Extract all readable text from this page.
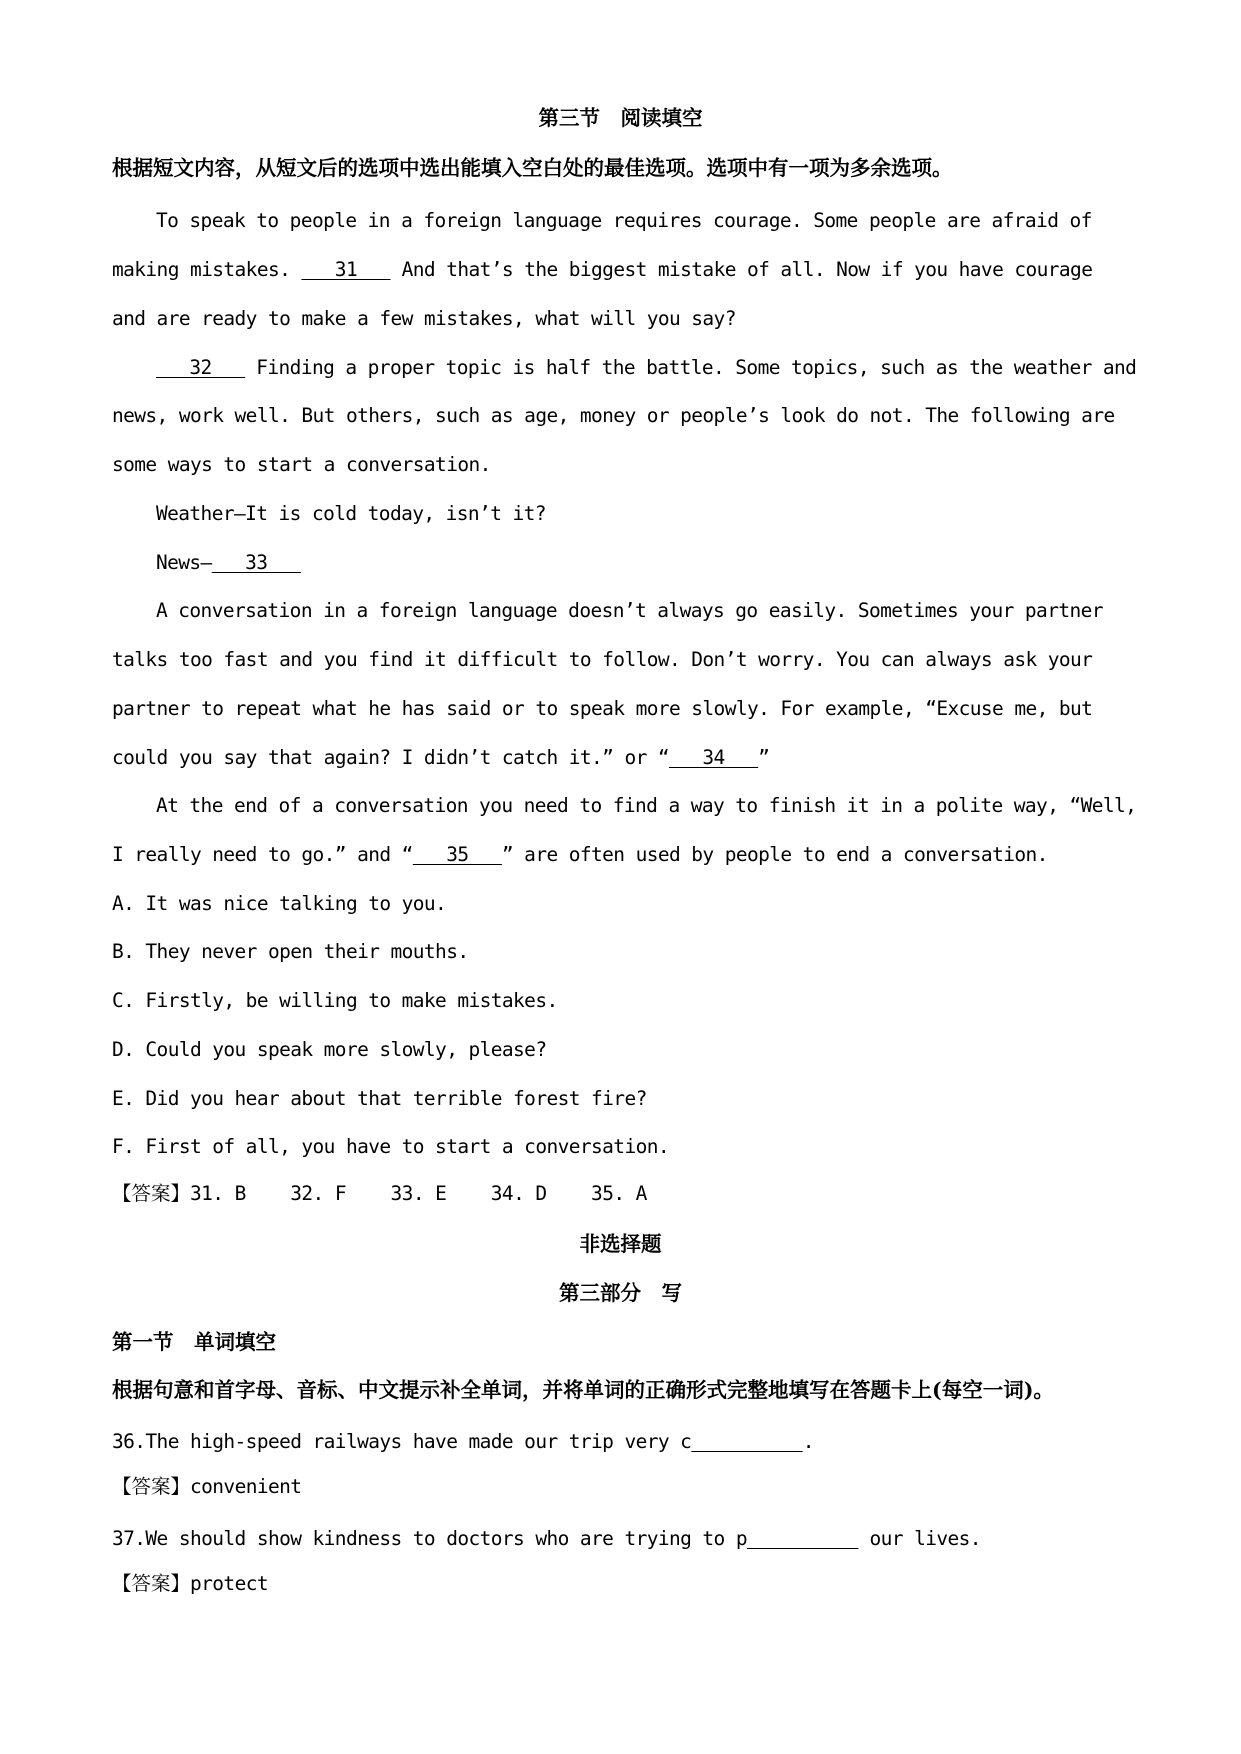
第三节　阅读填空
根据短文内容，从短文后的选项中选出能填入空白处的最佳选项。选项中有一项为多余选项。
To speak to people in a foreign language requires courage. Some people are afraid of
making mistakes.    31    And that’s the biggest mistake of all. Now if you have courage
and are ready to make a few mistakes, what will you say?
32    Finding a proper topic is half the battle. Some topics, such as the weather and
news, work well. But others, such as age, money or people’s look do not. The following are
some ways to start a conversation.
Weather—It is cold today, isn’t it?
News—   33
A conversation in a foreign language doesn’t always go easily. Sometimes your partner
talks too fast and you find it difficult to follow. Don’t worry. You can always ask your
partner to repeat what he has said or to speak more slowly. For example, “Excuse me, but
could you say that again? I didn’t catch it.” or “   34   ”
At the end of a conversation you need to find a way to finish it in a polite way, “Well,
I really need to go.” and “   35   ” are often used by people to end a conversation.
A. It was nice talking to you.
B. They never open their mouths.
C. Firstly, be willing to make mistakes.
D. Could you speak more slowly, please?
E. Did you hear about that terrible forest fire?
F. First of all, you have to start a conversation.
【答案】31. B    32. F    33. E    34. D    35. A
非选择题
第三部分　写
第一节　单词填空
根据句意和首字母、音标、中文提示补全单词，并将单词的正确形式完整地填写在答题卡上(每空一词)。
36.The high-speed railways have made our trip very c	.
【答案】convenient
37.We should show kindness to doctors who are trying to p	our lives.
【答案】protect
